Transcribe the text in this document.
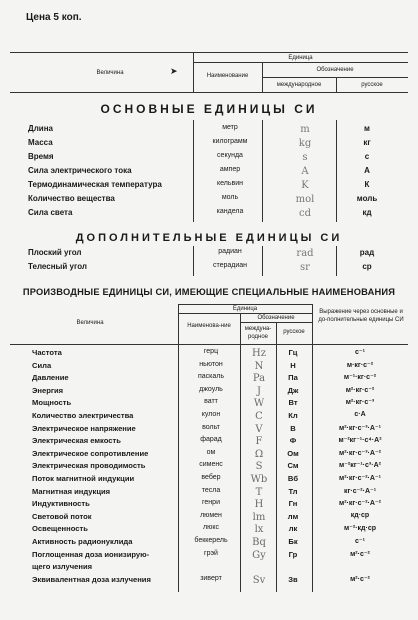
Цена 5 коп.
Величина	➤
Единица
Наименование
Обозначение
международное	русское
ОСНОВНЫЕ ЕДИНИЦЫ СИ
Длина	метр	m	м
Масса	килограмм	kg	кг
Время	секунда	s	с
Сила электрического тока	ампер	A	А
Термодинамическая температура	кельвин	K	К
Количество вещества	моль	mol	моль
Сила света	кандела	cd	кд
ДОПОЛНИТЕЛЬНЫЕ ЕДИНИЦЫ СИ
Плоский угол	радиан	rad	рад
Телесный угол	стерадиан	sr	ср
ПРОИЗВОДНЫЕ ЕДИНИЦЫ СИ, ИМЕЮЩИЕ СПЕЦИАЛЬНЫЕ НАИМЕНОВАНИЯ
Величина
Единица
Наименова-ние
Обозначение
междуна-родное
русское
Выражение через основные и до-полнительные единицы СИ
Частота	герц	Hz	Гц	с⁻¹
Сила	ньютон	N	Н	м·кг·с⁻²
Давление	паскаль	Pa	Па	м⁻¹·кг·с⁻²
Энергия	джоуль	J	Дж	м²·кг·с⁻²
Мощность	ватт	W	Вт	м²·кг·с⁻³
Количество электричества	кулон	C	Кл	с·А
Электрическое напряжение	вольт	V	В	м²·кг·с⁻³·А⁻¹
Электрическая емкость	фарад	F	Ф	м⁻²кг⁻¹·с⁴·А²
Электрическое сопротивление	ом	Ω	Ом	м²·кг·с⁻³·А⁻²
Электрическая проводимость	сименс	S	См	м⁻²кг⁻¹·с³·А²
Поток магнитной индукции	вебер	Wb	Вб	м²·кг·с⁻²·А⁻¹
Магнитная индукция	тесла	T	Тл	кг·с⁻²·А⁻¹
Индуктивность	генри	H	Гн	м²·кг·с⁻²·А⁻²
Световой поток	люмен	lm	лм	кд·ср
Освещенность	люкс	lx	лк	м⁻²·кд·ср
Активность радионуклида	беккерель	Bq	Бк	с⁻¹
Поглощенная доза ионизирую-	грэй	Gy	Гр	м²·с⁻²
щего излучения
Эквивалентная доза излучения	зиверт	Sv	Зв	м²·с⁻²
